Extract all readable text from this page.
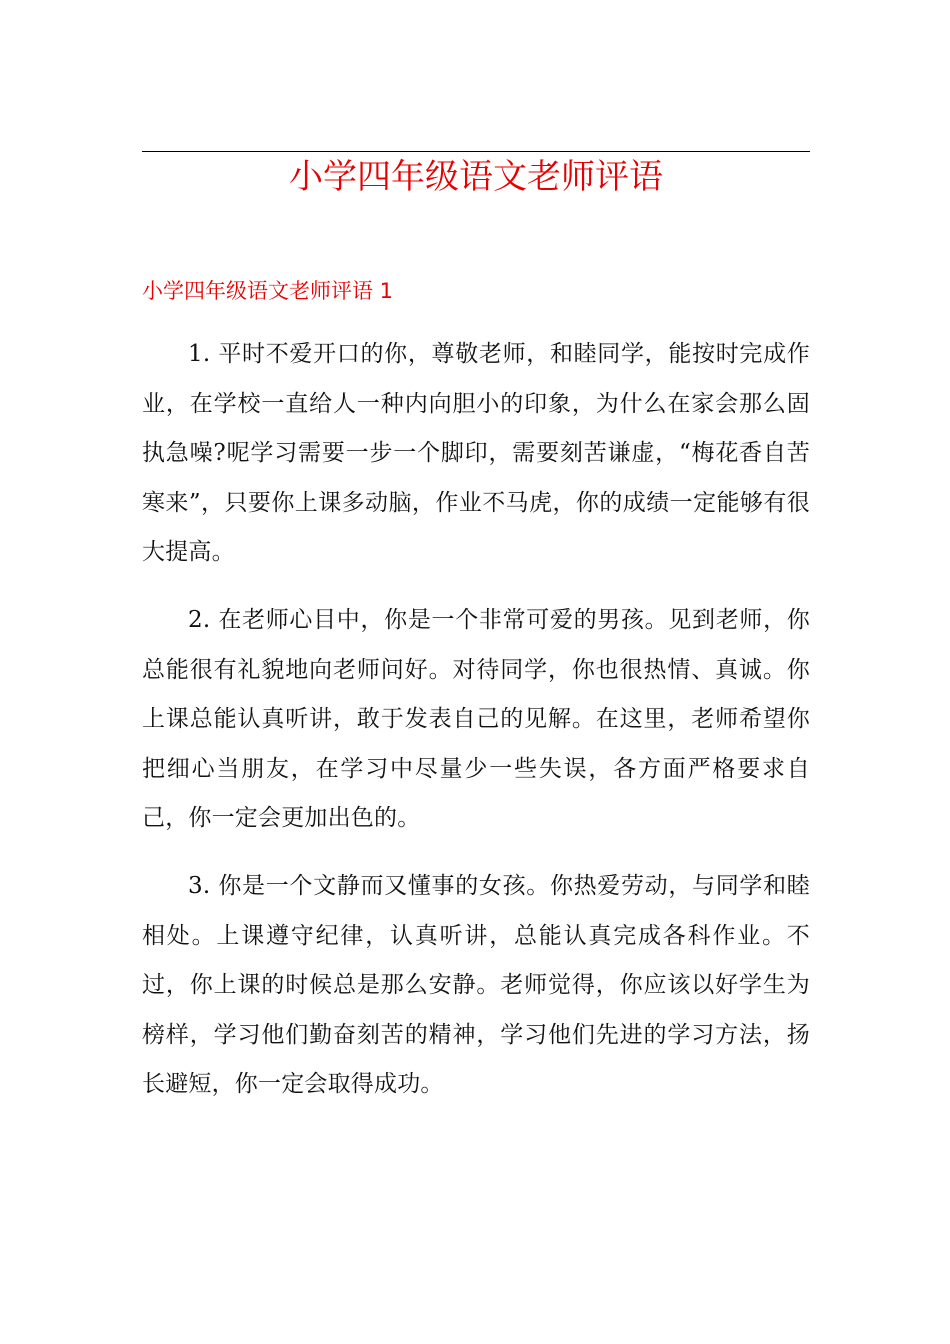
小学四年级语文老师评语
小学四年级语文老师评语 1

1. 平时不爱开口的你，尊敬老师，和睦同学，能按时完成作业，在学校一直给人一种内向胆小的印象，为什么在家会那么固执急噪?呢学习需要一步一个脚印，需要刻苦谦虚，“梅花香自苦寒来”，只要你上课多动脑，作业不马虎，你的成绩一定能够有很大提高。

2. 在老师心目中，你是一个非常可爱的男孩。见到老师，你总能很有礼貌地向老师问好。对待同学，你也很热情、真诚。你上课总能认真听讲，敢于发表自己的见解。在这里，老师希望你把细心当朋友，在学习中尽量少一些失误，各方面严格要求自己，你一定会更加出色的。

3. 你是一个文静而又懂事的女孩。你热爱劳动，与同学和睦相处。上课遵守纪律，认真听讲，总能认真完成各科作业。不过，你上课的时候总是那么安静。老师觉得，你应该以好学生为榜样，学习他们勤奋刻苦的精神，学习他们先进的学习方法，扬长避短，你一定会取得成功。
